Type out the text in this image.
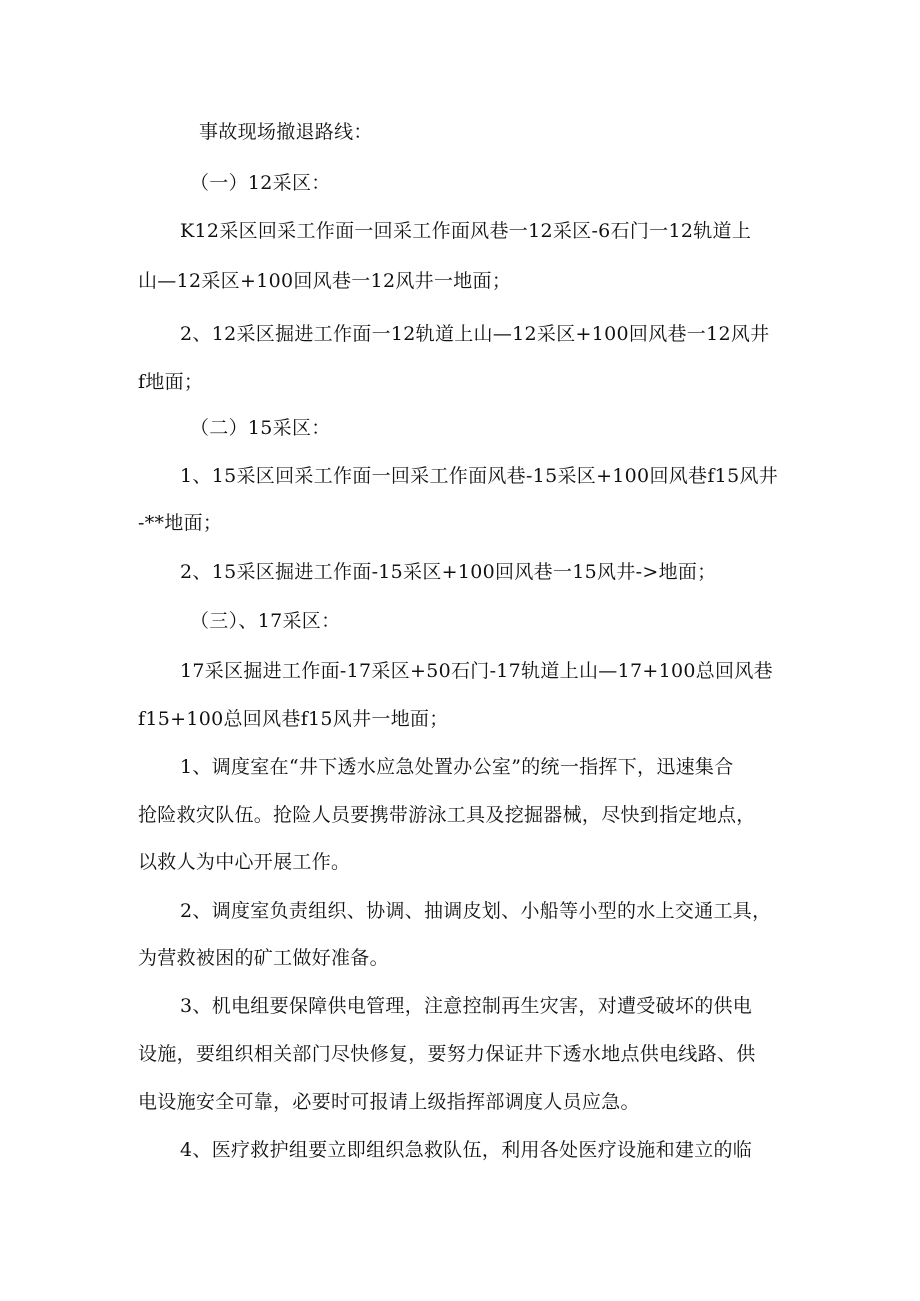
事故现场撤退路线：
（一）12采区：
K12采区回采工作面一回采工作面风巷一12采区-6石门一12轨道上
山—12采区+100回风巷一12风井一地面；
2、12采区掘进工作面一12轨道上山—12采区+100回风巷一12风井
f地面；
（二）15采区：
1、15采区回采工作面一回采工作面风巷-15采区+100回风巷f15风井
-**地面；
2、15采区掘进工作面-15采区+100回风巷一15风井->地面；
（三）、17采区：
17采区掘进工作面-17采区+50石门-17轨道上山—17+100总回风巷
f15+100总回风巷f15风井一地面；
1、调度室在“井下透水应急处置办公室”的统一指挥下，迅速集合
抢险救灾队伍。抢险人员要携带游泳工具及挖掘器械，尽快到指定地点，
以救人为中心开展工作。
2、调度室负责组织、协调、抽调皮划、小船等小型的水上交通工具，
为营救被困的矿工做好准备。
3、机电组要保障供电管理，注意控制再生灾害，对遭受破坏的供电
设施，要组织相关部门尽快修复，要努力保证井下透水地点供电线路、供
电设施安全可靠，必要时可报请上级指挥部调度人员应急。
4、医疗救护组要立即组织急救队伍，利用各处医疗设施和建立的临
